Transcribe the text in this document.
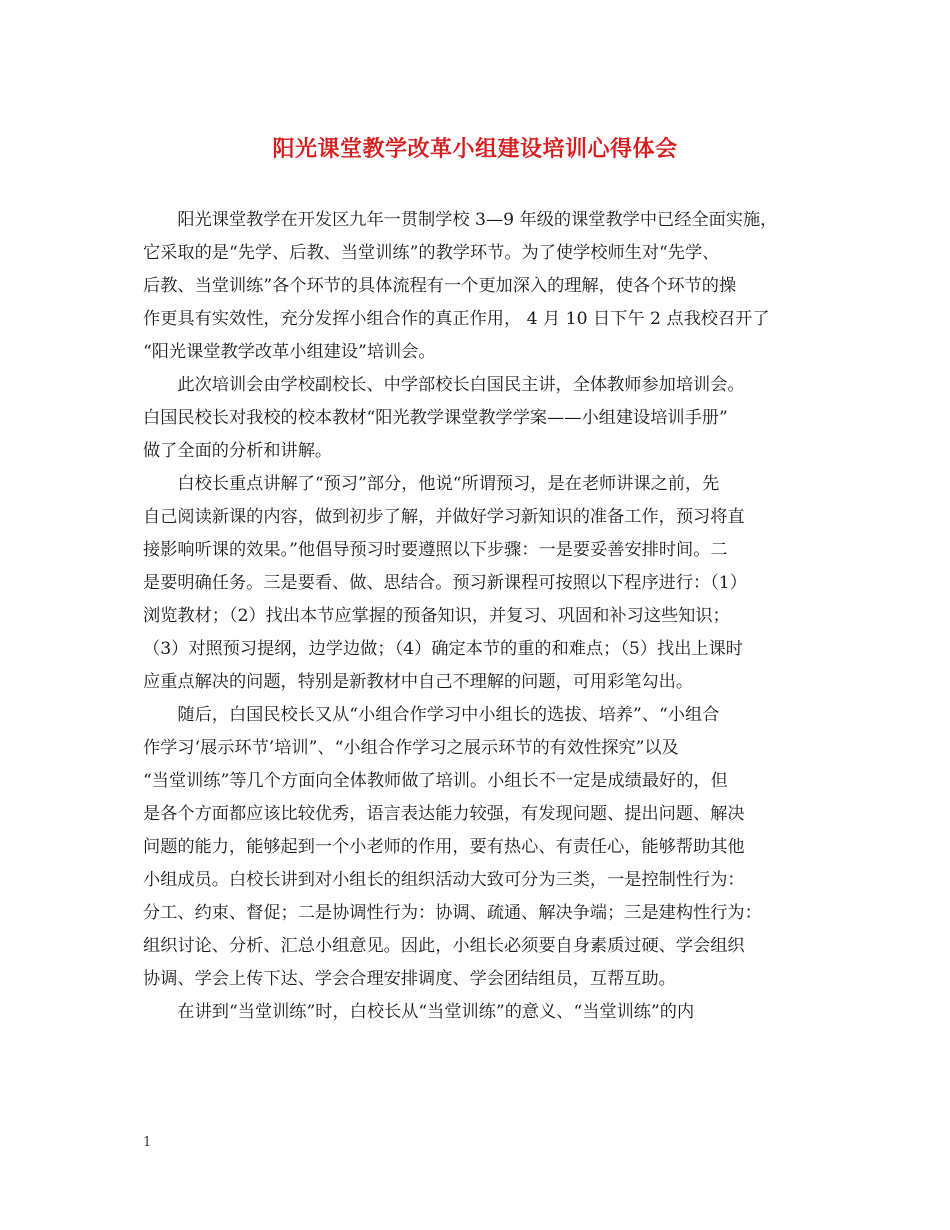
阳光课堂教学改革小组建设培训心得体会
　　阳光课堂教学在开发区九年一贯制学校 3—9 年级的课堂教学中已经全面实施，
它采取的是“先学、后教、当堂训练”的教学环节。为了使学校师生对“先学、
后教、当堂训练”各个环节的具体流程有一个更加深入的理解，使各个环节的操
作更具有实效性，充分发挥小组合作的真正作用， 4 月 10 日下午 2 点我校召开了
“阳光课堂教学改革小组建设”培训会。
　　此次培训会由学校副校长、中学部校长白国民主讲，全体教师参加培训会。
白国民校长对我校的校本教材“阳光教学课堂教学学案——小组建设培训手册”
做了全面的分析和讲解。
　　白校长重点讲解了“预习”部分，他说“所谓预习，是在老师讲课之前，先
自己阅读新课的内容，做到初步了解，并做好学习新知识的准备工作，预习将直
接影响听课的效果。”他倡导预习时要遵照以下步骤：一是要妥善安排时间。二
是要明确任务。三是要看、做、思结合。预习新课程可按照以下程序进行：（1）
浏览教材；（2）找出本节应掌握的预备知识，并复习、巩固和补习这些知识；
（3）对照预习提纲，边学边做；（4）确定本节的重的和难点；（5）找出上课时
应重点解决的问题，特别是新教材中自己不理解的问题，可用彩笔勾出。
　　随后，白国民校长又从“小组合作学习中小组长的选拔、培养”、“小组合
作学习‘展示环节’培训”、“小组合作学习之展示环节的有效性探究”以及
“当堂训练”等几个方面向全体教师做了培训。小组长不一定是成绩最好的，但
是各个方面都应该比较优秀，语言表达能力较强，有发现问题、提出问题、解决
问题的能力，能够起到一个小老师的作用，要有热心、有责任心，能够帮助其他
小组成员。白校长讲到对小组长的组织活动大致可分为三类，一是控制性行为：
分工、约束、督促；二是协调性行为：协调、疏通、解决争端；三是建构性行为：
组织讨论、分析、汇总小组意见。因此，小组长必须要自身素质过硬、学会组织
协调、学会上传下达、学会合理安排调度、学会团结组员，互帮互助。
　　在讲到“当堂训练”时，白校长从“当堂训练”的意义、“当堂训练”的内
1
